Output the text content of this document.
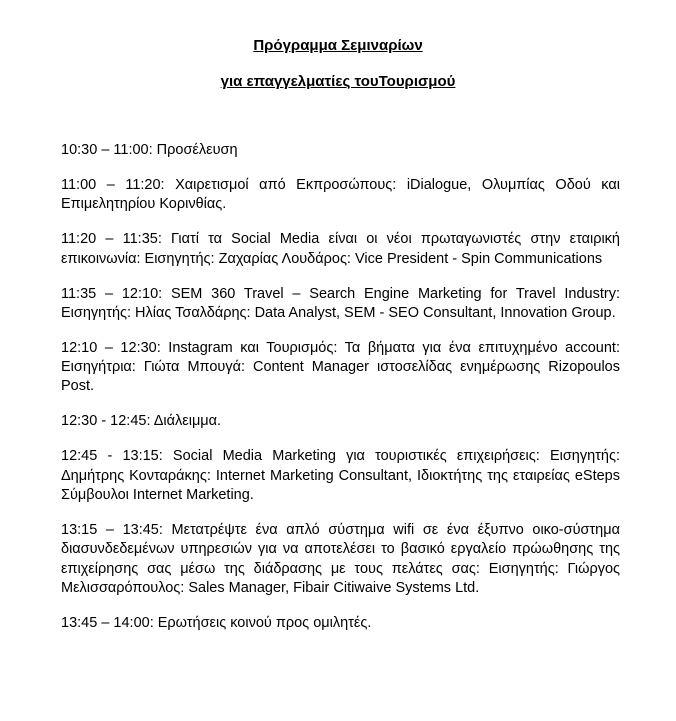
Πρόγραμμα Σεμιναρίων
για επαγγελματίες τουΤουρισμού
10:30 – 11:00: Προσέλευση
11:00 – 11:20: Χαιρετισμοί από Εκπροσώπους: iDialogue, Ολυμπίας Οδού και Επιμελητηρίου Κορινθίας.
11:20 – 11:35: Γιατί τα Social Media είναι οι νέοι πρωταγωνιστές στην εταιρική επικοινωνία: Εισηγητής: Ζαχαρίας Λουδάρος: Vice President - Spin Communications
11:35 – 12:10: SEM 360 Travel – Search Engine Marketing for Travel Industry: Εισηγητής: Ηλίας Τσαλδάρης: Data Analyst, SEM - SEO Consultant, Innovation Group.
12:10 – 12:30: Instagram και Τουρισμός: Τα βήματα για ένα επιτυχημένο account: Εισηγήτρια: Γιώτα Μπουγά: Content Manager ιστοσελίδας ενημέρωσης Rizopoulos Post.
12:30 - 12:45: Διάλειμμα.
12:45 - 13:15: Social Media Marketing για τουριστικές επιχειρήσεις: Εισηγητής: Δημήτρης Κονταράκης: Internet Marketing Consultant, Ιδιοκτήτης της εταιρείας eSteps Σύμβουλοι Internet Marketing.
13:15 – 13:45: Μετατρέψτε ένα απλό σύστημα wifi σε ένα έξυπνο οικο-σύστημα διασυνδεδεμένων υπηρεσιών για να αποτελέσει το βασικό εργαλείο πρώωθησης της επιχείρησης σας μέσω της διάδρασης με τους πελάτες σας: Εισηγητής: Γιώργος Μελισσαρόπουλος: Sales Manager, Fibair Citiwaive Systems Ltd.
13:45 – 14:00: Ερωτήσεις κοινού προς ομιλητές.
